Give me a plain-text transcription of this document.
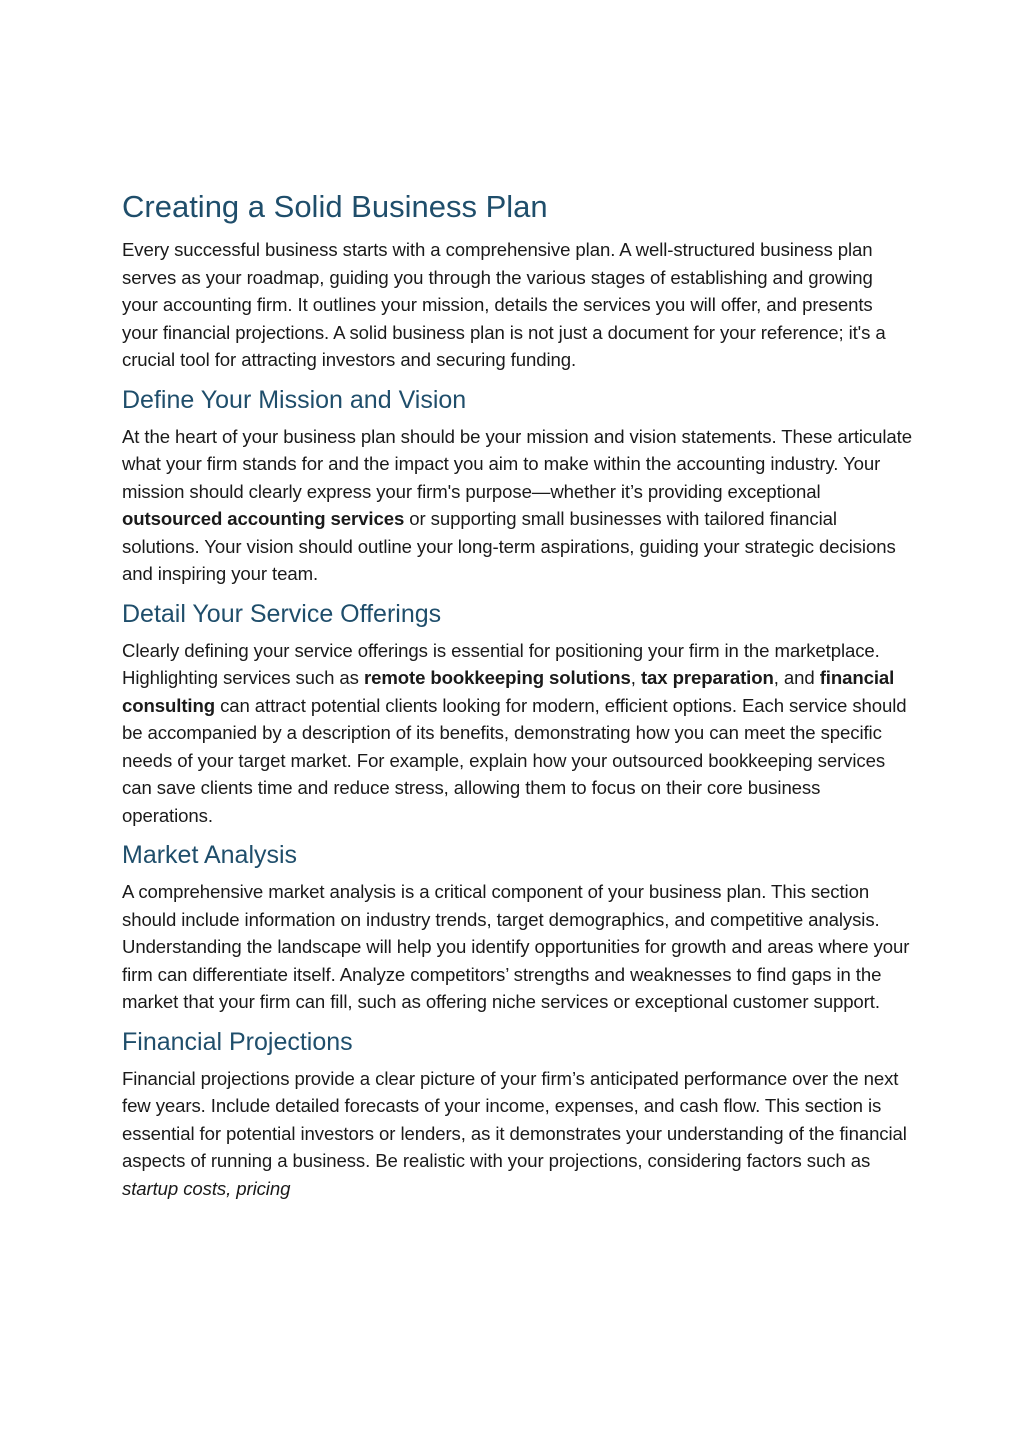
Creating a Solid Business Plan

Every successful business starts with a comprehensive plan. A well-structured business plan serves as your roadmap, guiding you through the various stages of establishing and growing your accounting firm. It outlines your mission, details the services you will offer, and presents your financial projections. A solid business plan is not just a document for your reference; it's a crucial tool for attracting investors and securing funding.

Define Your Mission and Vision

At the heart of your business plan should be your mission and vision statements. These articulate what your firm stands for and the impact you aim to make within the accounting industry. Your mission should clearly express your firm's purpose—whether it’s providing exceptional outsourced accounting services or supporting small businesses with tailored financial solutions. Your vision should outline your long-term aspirations, guiding your strategic decisions and inspiring your team.

Detail Your Service Offerings

Clearly defining your service offerings is essential for positioning your firm in the marketplace. Highlighting services such as remote bookkeeping solutions, tax preparation, and financial consulting can attract potential clients looking for modern, efficient options. Each service should be accompanied by a description of its benefits, demonstrating how you can meet the specific needs of your target market. For example, explain how your outsourced bookkeeping services can save clients time and reduce stress, allowing them to focus on their core business operations.

Market Analysis

A comprehensive market analysis is a critical component of your business plan. This section should include information on industry trends, target demographics, and competitive analysis. Understanding the landscape will help you identify opportunities for growth and areas where your firm can differentiate itself. Analyze competitors’ strengths and weaknesses to find gaps in the market that your firm can fill, such as offering niche services or exceptional customer support.

Financial Projections

Financial projections provide a clear picture of your firm’s anticipated performance over the next few years. Include detailed forecasts of your income, expenses, and cash flow. This section is essential for potential investors or lenders, as it demonstrates your understanding of the financial aspects of running a business. Be realistic with your projections, considering factors such as startup costs, pricing
